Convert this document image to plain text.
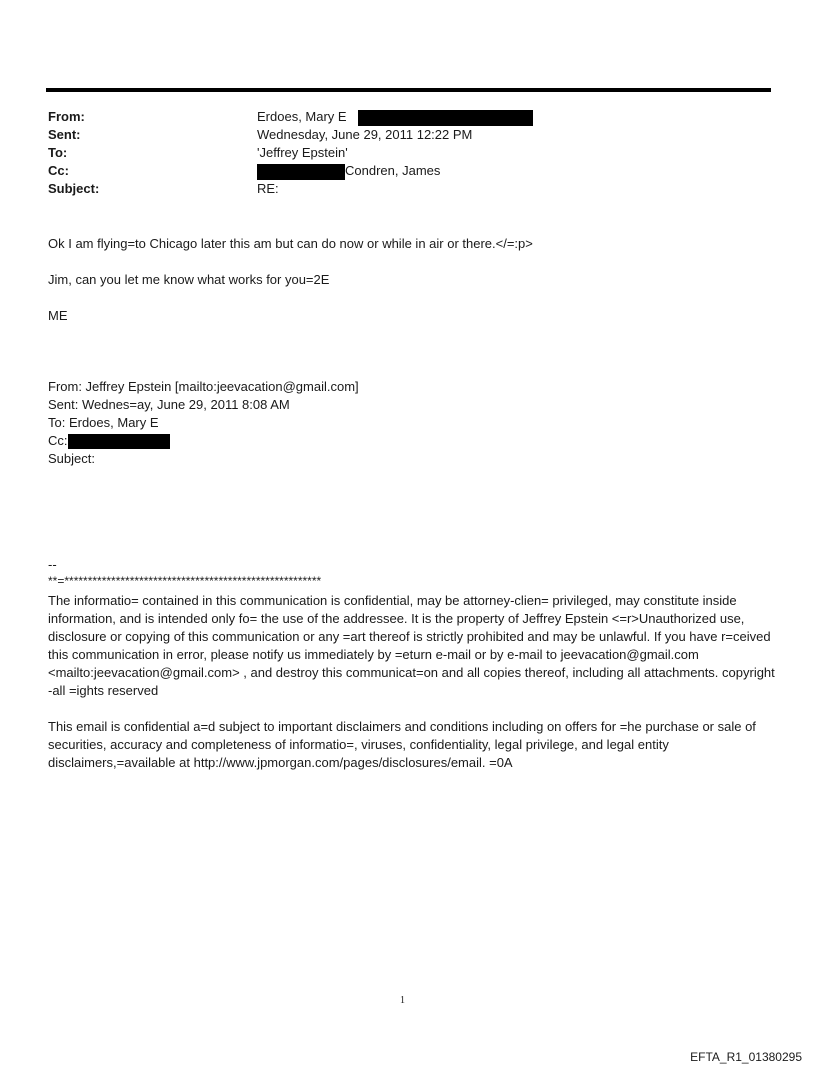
From:	Erdoes, Mary E
Sent:	Wednesday, June 29, 2011 12:22 PM
To:	'Jeffrey Epstein'
Cc:	Condren, James
Subject:	RE:
Ok I am flying=to Chicago later this am but can do now or while in air or there.</=:p>
Jim, can you let me know what works for you=2E
ME
From: Jeffrey Epstein [mailto:jeevacation@gmail.com]
Sent: Wednes=ay, June 29, 2011 8:08 AM
To: Erdoes, Mary E
Cc:
Subject:
--
**=*******************************************************
The informatio= contained in this communication is confidential, may be attorney-clien= privileged, may constitute inside information, and is intended only fo= the use of the addressee. It is the property of Jeffrey Epstein <=r>Unauthorized use, disclosure or copying of this communication or any =art thereof is strictly prohibited and may be unlawful. If you have r=ceived this communication in error, please notify us immediately by =eturn e-mail or by e-mail to jeevacation@gmail.com <mailto:jeevacation@gmail.com> , and destroy this communicat=on and all copies thereof, including all attachments. copyright -all =ights reserved
This email is confidential a=d subject to important disclaimers and conditions including on offers for =he purchase or sale of securities, accuracy and completeness of informatio=, viruses, confidentiality, legal privilege, and legal entity disclaimers,=available at http://www.jpmorgan.com/pages/disclosures/email. =0A
1
EFTA_R1_01380295
